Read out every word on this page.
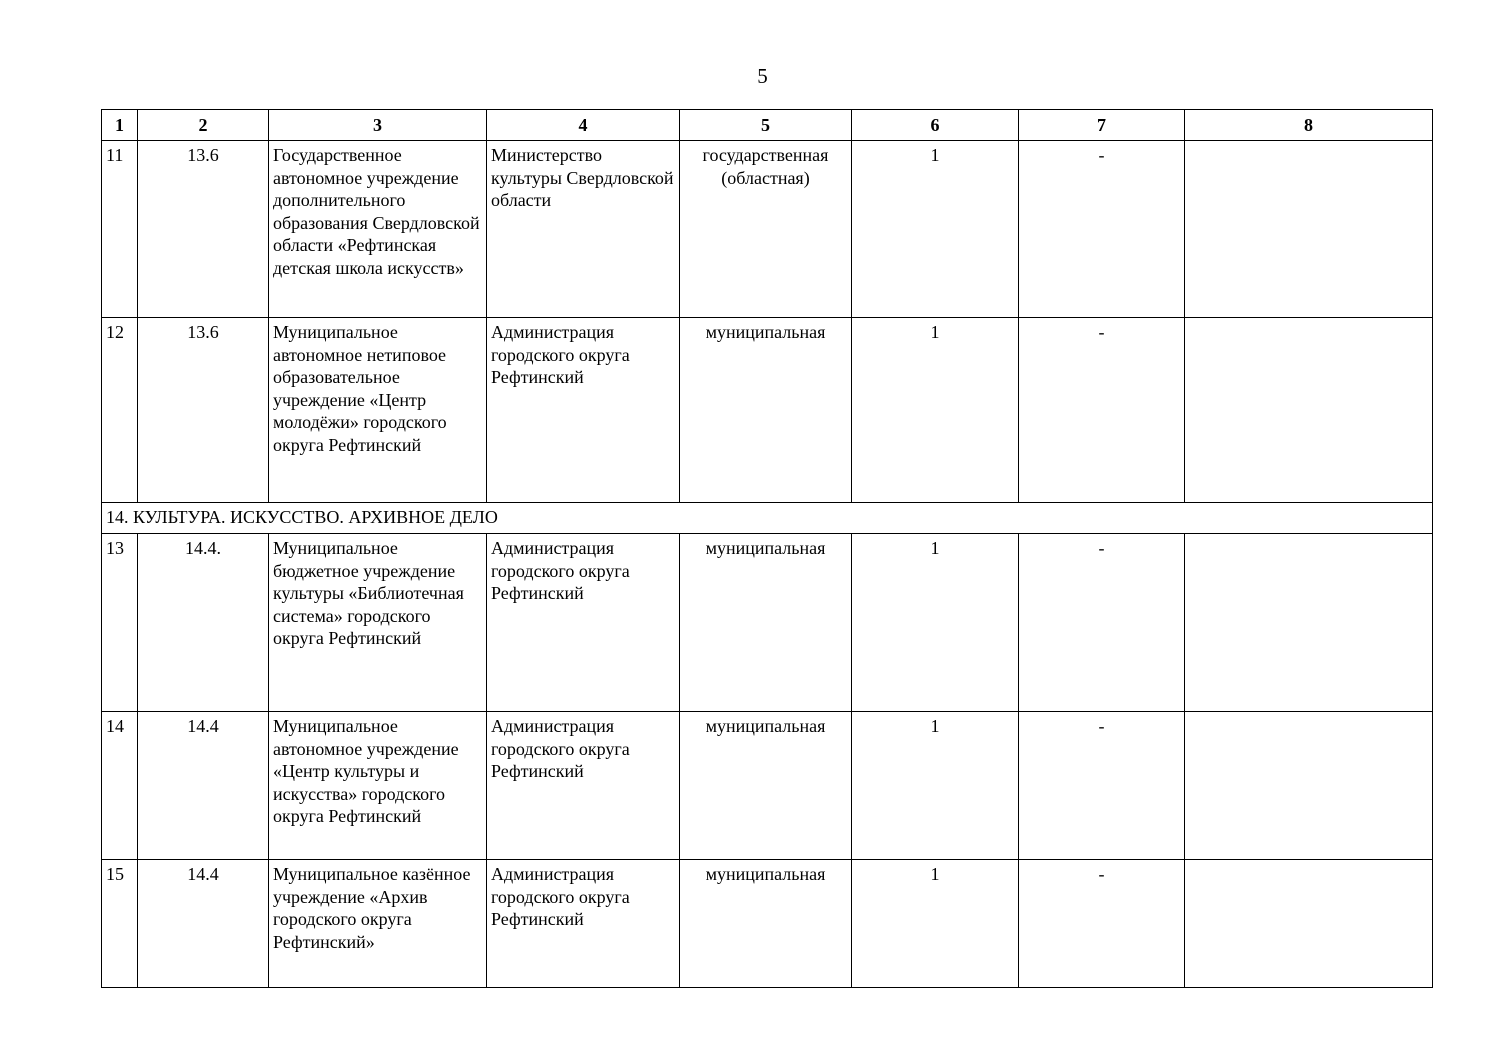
5
1	2	3	4	5	6	7	8
11	13.6	Государственное автономное учреждение дополнительного образования Свердловской области «Рефтинская детская школа искусств»	Министерство культуры Свердловской области	государственная (областная)	1	-	
12	13.6	Муниципальное автономное нетиповое образовательное учреждение «Центр молодёжи» городского округа Рефтинский	Администрация городского округа Рефтинский	муниципальная	1	-	
14. КУЛЬТУРА. ИСКУССТВО. АРХИВНОЕ ДЕЛО							
13	14.4.	Муниципальное бюджетное учреждение культуры «Библиотечная система» городского округа Рефтинский	Администрация городского округа Рефтинский	муниципальная	1	-	
14	14.4	Муниципальное автономное учреждение «Центр культуры и искусства» городского округа Рефтинский	Администрация городского округа Рефтинский	муниципальная	1	-	
15	14.4	Муниципальное казённое учреждение «Архив городского округа Рефтинский»	Администрация городского округа Рефтинский	муниципальная	1	-	
